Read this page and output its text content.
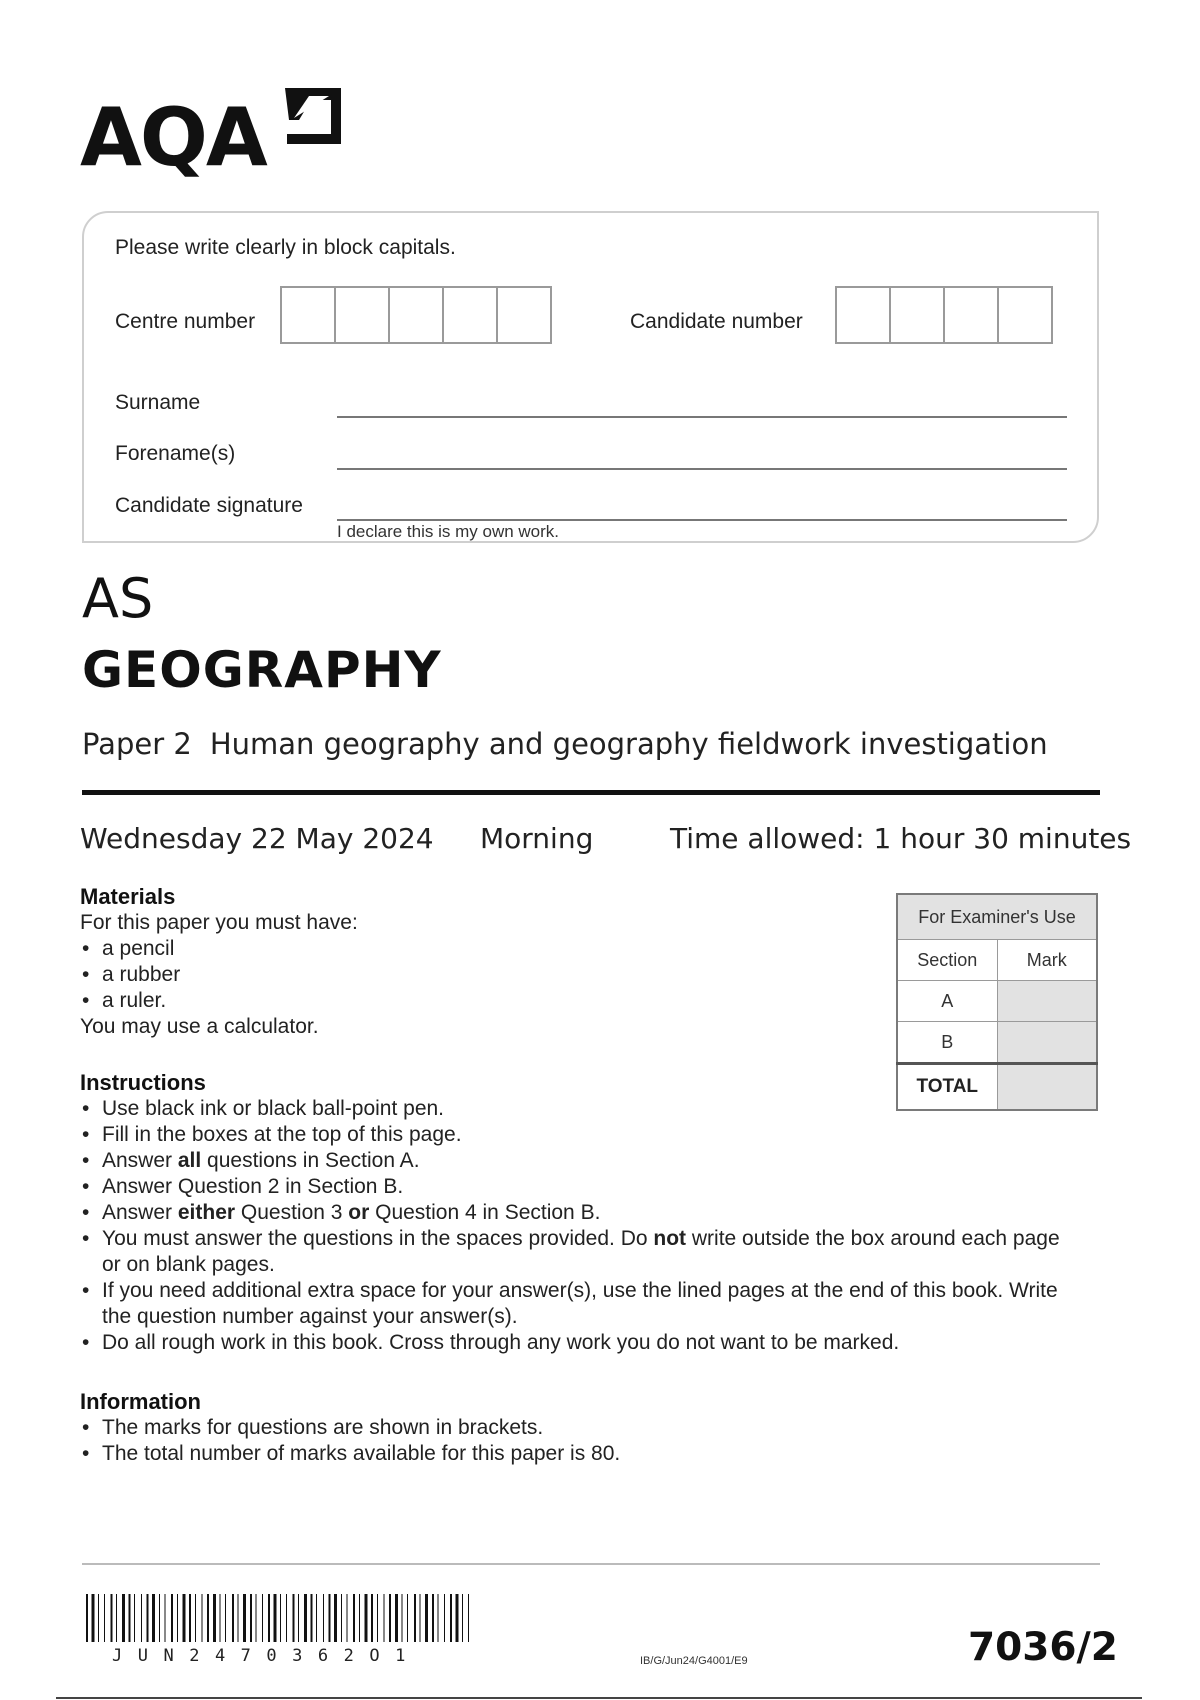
AQA
Please write clearly in block capitals.
Centre number	Candidate number
Surname
Forename(s)
Candidate signature
I declare this is my own work.
AS
GEOGRAPHY
Paper 2 Human geography and geography fieldwork investigation
Wednesday 22 May 2024 Morning	Time allowed: 1 hour 30 minutes
Materials
For this paper you must have:
• a pencil
• a rubber
• a ruler.
You may use a calculator.
Instructions
• Use black ink or black ball-point pen.
• Fill in the boxes at the top of this page.
• Answer all questions in Section A.
• Answer Question 2 in Section B.
• Answer either Question 3 or Question 4 in Section B.
• You must answer the questions in the spaces provided. Do not write outside the box around each page or on blank pages.
• If you need additional extra space for your answer(s), use the lined pages at the end of this book. Write the question number against your answer(s).
• Do all rough work in this book. Cross through any work you do not want to be marked.
Information
• The marks for questions are shown in brackets.
• The total number of marks available for this paper is 80.
For Examiner's Use	
Section	Mark
A	
B	
TOTAL	
JUN2470362O1	IB/G/Jun24/G4001/E9	7036/2
